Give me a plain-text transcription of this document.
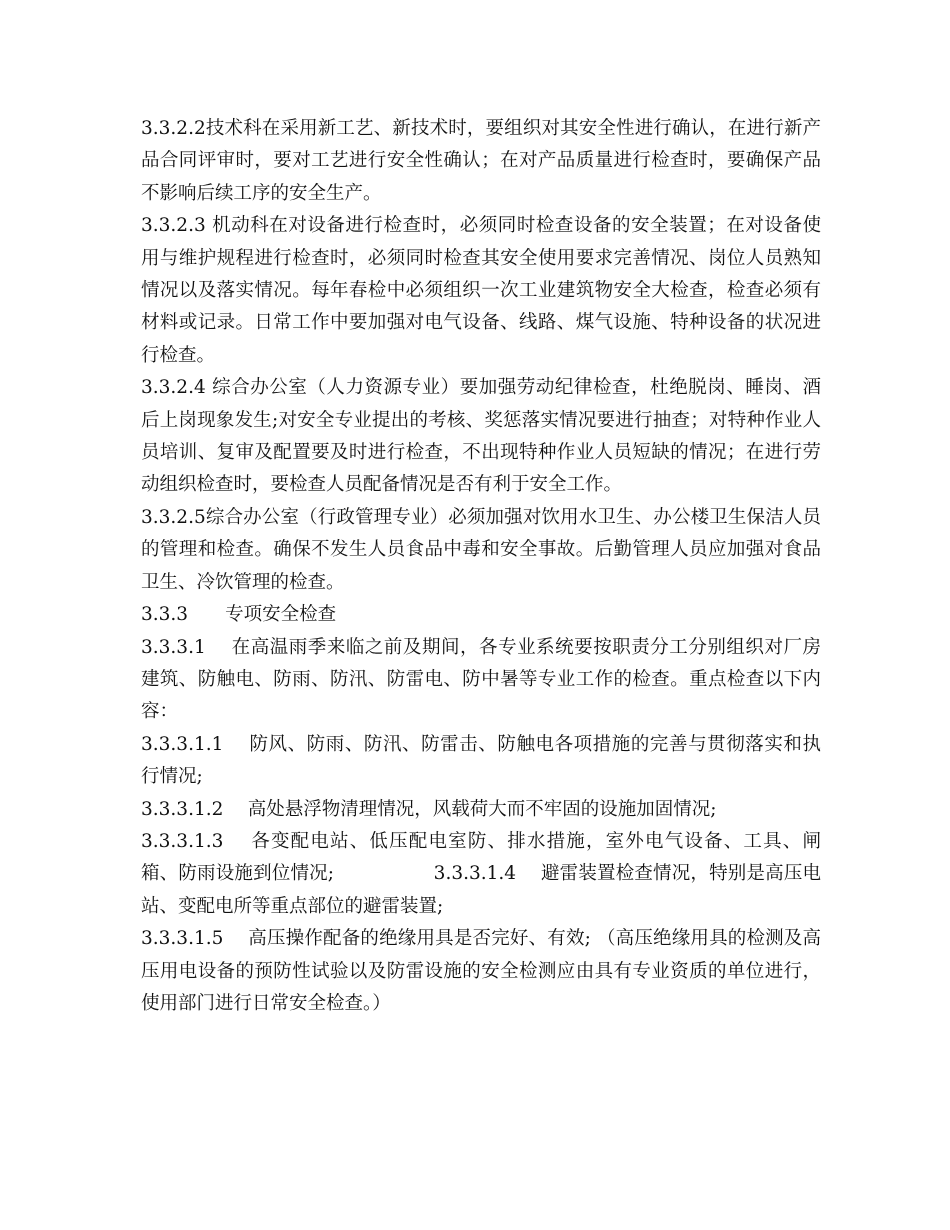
3.3.2.2技术科在采用新工艺、新技术时，要组织对其安全性进行确认，在进行新产品合同评审时，要对工艺进行安全性确认；在对产品质量进行检查时，要确保产品不影响后续工序的安全生产。

3.3.2.3 机动科在对设备进行检查时，必须同时检查设备的安全装置；在对设备使用与维护规程进行检查时，必须同时检查其安全使用要求完善情况、岗位人员熟知情况以及落实情况。每年春检中必须组织一次工业建筑物安全大检查，检查必须有材料或记录。日常工作中要加强对电气设备、线路、煤气设施、特种设备的状况进行检查。

3.3.2.4 综合办公室（人力资源专业）要加强劳动纪律检查，杜绝脱岗、睡岗、酒后上岗现象发生;对安全专业提出的考核、奖惩落实情况要进行抽查；对特种作业人员培训、复审及配置要及时进行检查，不出现特种作业人员短缺的情况；在进行劳动组织检查时，要检查人员配备情况是否有利于安全工作。

3.3.2.5综合办公室（行政管理专业）必须加强对饮用水卫生、办公楼卫生保洁人员的管理和检查。确保不发生人员食品中毒和安全事故。后勤管理人员应加强对食品卫生、冷饮管理的检查。

3.3.3　　专项安全检查

3.3.3.1　 在高温雨季来临之前及期间，各专业系统要按职责分工分别组织对厂房建筑、防触电、防雨、防汛、防雷电、防中暑等专业工作的检查。重点检查以下内容：

3.3.3.1.1　 防风、防雨、防汛、防雷击、防触电各项措施的完善与贯彻落实和执行情况;

3.3.3.1.2　 高处悬浮物清理情况，风载荷大而不牢固的设施加固情况;

3.3.3.1.3　 各变配电站、低压配电室防、排水措施，室外电气设备、工具、闸箱、防雨设施到位情况;　　　　　 3.3.3.1.4　 避雷装置检查情况，特别是高压电站、变配电所等重点部位的避雷装置;

3.3.3.1.5　 高压操作配备的绝缘用具是否完好、有效; （高压绝缘用具的检测及高压用电设备的预防性试验以及防雷设施的安全检测应由具有专业资质的单位进行，使用部门进行日常安全检查。）
